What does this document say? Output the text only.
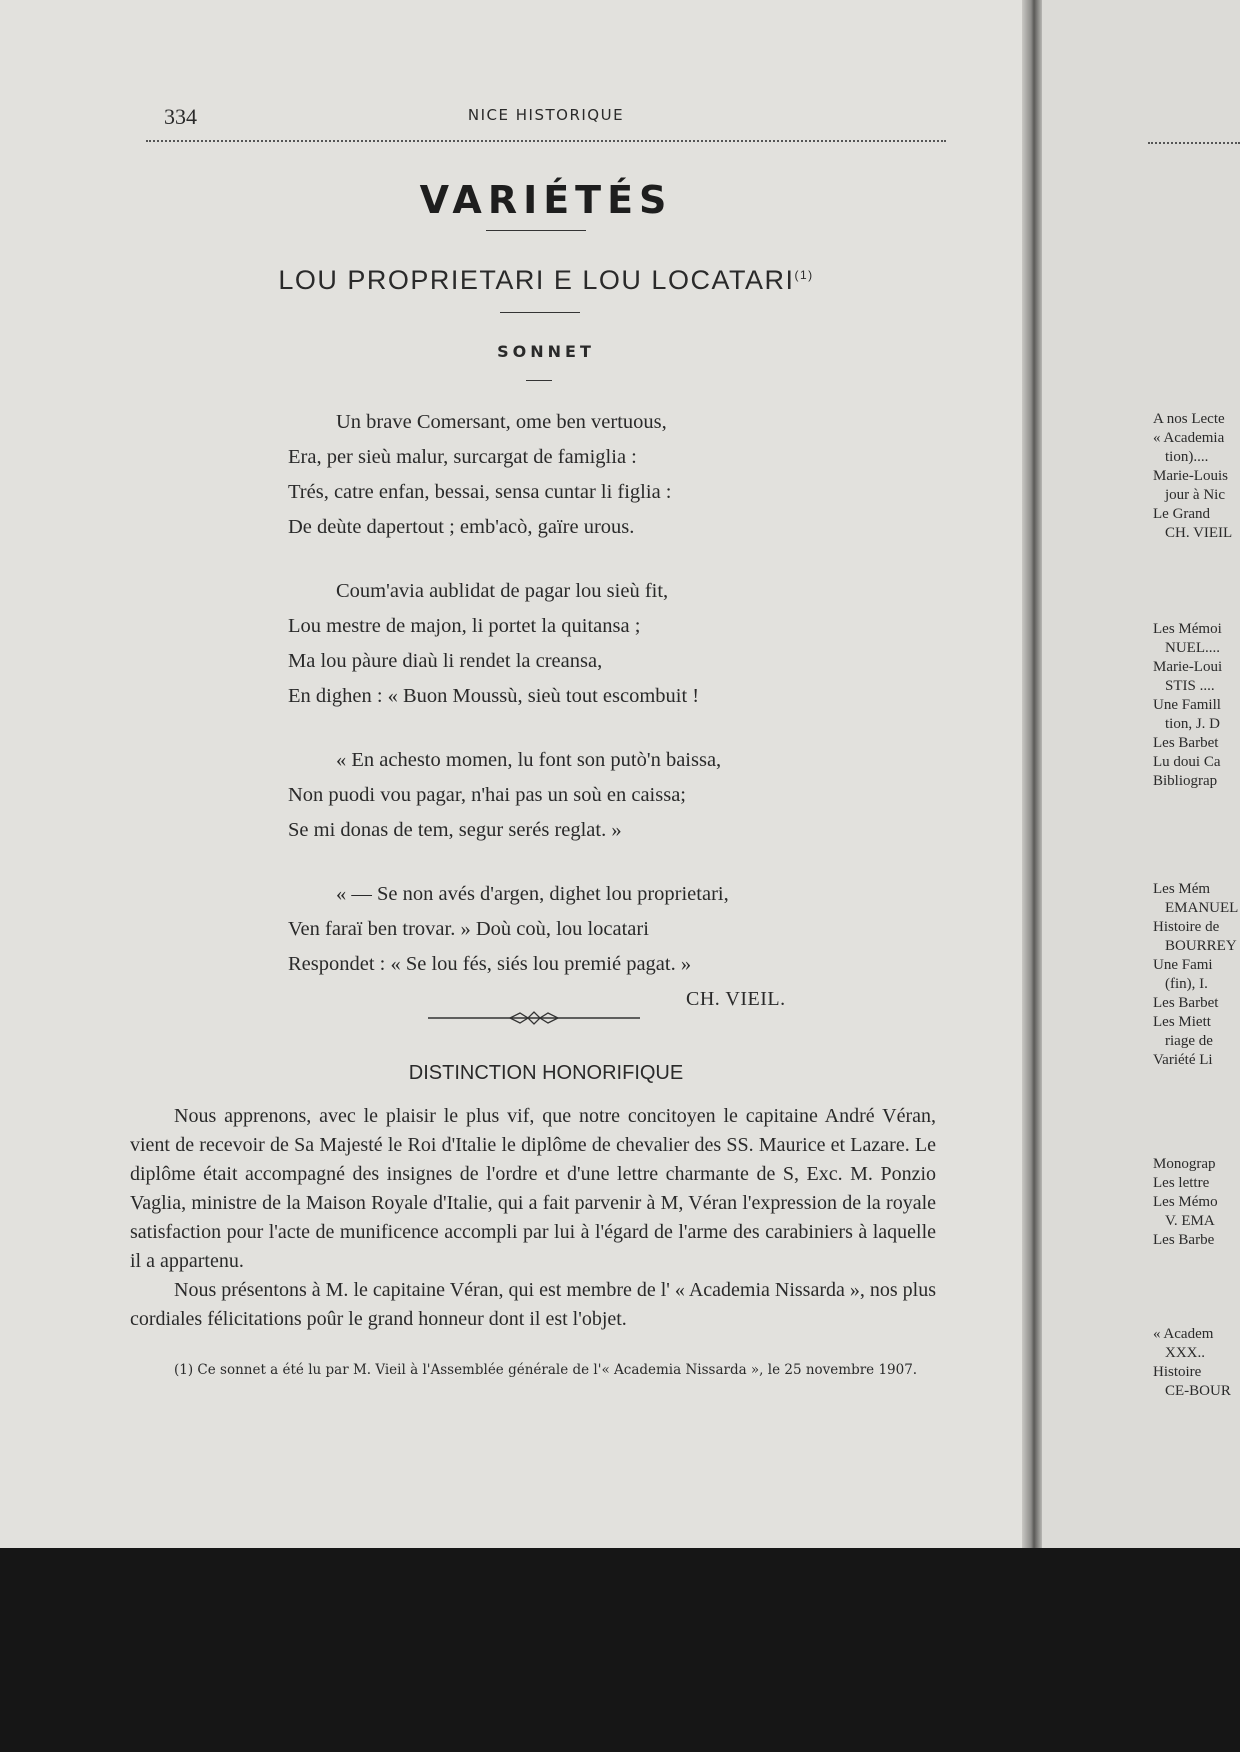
334	NICE HISTORIQUE
VARIÉTÉS
LOU PROPRIETARI E LOU LOCATARI$^{(1)}$
SONNET
Un brave Comersant, ome ben vertuous,
Era, per sieù malur, surcargat de famiglia :
Trés, catre enfan, bessai, sensa cuntar li figlia :
De deùte dapertout ; emb'acò, gaïre urous.
Coum'avia aublidat de pagar lou sieù fit,
Lou mestre de majon, li portet la quitansa ;
Ma lou pàure diaù li rendet la creansa,
En dighen : « Buon Moussù, sieù tout escombuit !
« En achesto momen, lu font son putò'n baissa,
Non puodi vou pagar, n'hai pas un soù en caissa;
Se mi donas de tem, segur serés reglat. »
« — Se non avés d'argen, dighet lou proprietari,
Ven faraï ben trovar. » Doù coù, lou locatari
Respondet : « Se lou fés, siés lou premié pagat. »
CH. VIEIL.
DISTINCTION HONORIFIQUE

Nous apprenons, avec le plaisir le plus vif, que notre concitoyen le capitaine André Véran, vient de recevoir de Sa Majesté le Roi d'Italie le diplôme de chevalier des SS. Maurice et Lazare. Le diplôme était accompagné des insignes de l'ordre et d'une lettre charmante de S, Exc. M. Ponzio Vaglia, ministre de la Maison Royale d'Italie, qui a fait parvenir à M, Véran l'expression de la royale satisfaction pour l'acte de munificence accompli par lui à l'égard de l'arme des carabiniers à laquelle il a appartenu.

Nous présentons à M. le capitaine Véran, qui est membre de l' « Academia Nissarda », nos plus cordiales félicitations poûr le grand honneur dont il est l'objet.

(1) Ce sonnet a été lu par M. Vieil à l'Assemblée générale de l'« Academia Nissarda », le 25 novembre 1907.

A nos Lecte
« Academia
tion)....
Marie-Louis
jour à Nic
Le Grand
CH. VIEIL
Les Mémoi
NUEL....
Marie-Loui
STIS ....
Une Famill
tion, J. D
Les Barbet
Lu doui Ca
Bibliograp
Les Mém
EMANUEL
Histoire de
BOURREY
Une Fami
(fin), I.
Les Barbet
Les Miett
riage de
Variété Li
Monograp
Les lettre
Les Mémo
V. EMA
Les Barbe
« Academ
XXX..
Histoire
CE-BOUR
